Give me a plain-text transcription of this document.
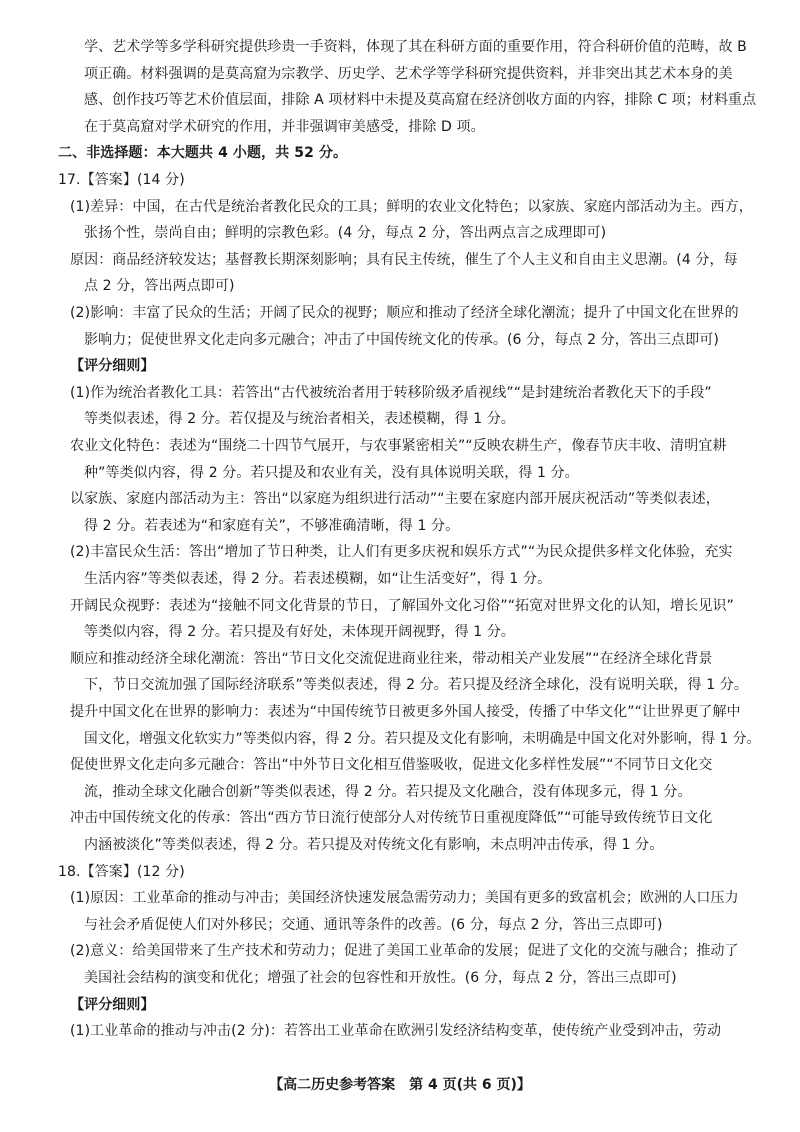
学、艺术学等多学科研究提供珍贵一手资料，体现了其在科研方面的重要作用，符合科研价值的范畴，故 B
项正确。材料强调的是莫高窟为宗教学、历史学、艺术学等学科研究提供资料，并非突出其艺术本身的美
感、创作技巧等艺术价值层面，排除 A 项材料中未提及莫高窟在经济创收方面的内容，排除 C 项；材料重点
在于莫高窟对学术研究的作用，并非强调审美感受，排除 D 项。
二、非选择题：本大题共 4 小题，共 52 分。
17.【答案】(14 分)
(1)差异：中国，在古代是统治者教化民众的工具；鲜明的农业文化特色；以家族、家庭内部活动为主。西方，
张扬个性，崇尚自由；鲜明的宗教色彩。(4 分，每点 2 分，答出两点言之成理即可)
原因：商品经济较发达；基督教长期深刻影响；具有民主传统，催生了个人主义和自由主义思潮。(4 分，每
点 2 分，答出两点即可)
(2)影响：丰富了民众的生活；开阔了民众的视野；顺应和推动了经济全球化潮流；提升了中国文化在世界的
影响力；促使世界文化走向多元融合；冲击了中国传统文化的传承。(6 分，每点 2 分，答出三点即可)
【评分细则】
(1)作为统治者教化工具：若答出“古代被统治者用于转移阶级矛盾视线”“是封建统治者教化天下的手段”
等类似表述，得 2 分。若仅提及与统治者相关，表述模糊，得 1 分。
农业文化特色：表述为“围绕二十四节气展开，与农事紧密相关”“反映农耕生产，像春节庆丰收、清明宜耕
种”等类似内容，得 2 分。若只提及和农业有关，没有具体说明关联，得 1 分。
以家族、家庭内部活动为主：答出“以家庭为组织进行活动”“主要在家庭内部开展庆祝活动”等类似表述，
得 2 分。若表述为“和家庭有关”，不够准确清晰，得 1 分。
(2)丰富民众生活：答出“增加了节日种类，让人们有更多庆祝和娱乐方式”“为民众提供多样文化体验，充实
生活内容”等类似表述，得 2 分。若表述模糊，如“让生活变好”，得 1 分。
开阔民众视野：表述为“接触不同文化背景的节日，了解国外文化习俗”“拓宽对世界文化的认知，增长见识”
等类似内容，得 2 分。若只提及有好处，未体现开阔视野，得 1 分。
顺应和推动经济全球化潮流：答出“节日文化交流促进商业往来，带动相关产业发展”“在经济全球化背景
下，节日交流加强了国际经济联系”等类似表述，得 2 分。若只提及经济全球化，没有说明关联，得 1 分。
提升中国文化在世界的影响力：表述为“中国传统节日被更多外国人接受，传播了中华文化”“让世界更了解中
国文化，增强文化软实力”等类似内容，得 2 分。若只提及文化有影响，未明确是中国文化对外影响，得 1 分。
促使世界文化走向多元融合：答出“中外节日文化相互借鉴吸收，促进文化多样性发展”“不同节日文化交
流，推动全球文化融合创新”等类似表述，得 2 分。若只提及文化融合，没有体现多元，得 1 分。
冲击中国传统文化的传承：答出“西方节日流行使部分人对传统节日重视度降低”“可能导致传统节日文化
内涵被淡化”等类似表述，得 2 分。若只提及对传统文化有影响，未点明冲击传承，得 1 分。
18.【答案】(12 分)
(1)原因：工业革命的推动与冲击；美国经济快速发展急需劳动力；美国有更多的致富机会；欧洲的人口压力
与社会矛盾促使人们对外移民；交通、通讯等条件的改善。(6 分，每点 2 分，答出三点即可)
(2)意义：给美国带来了生产技术和劳动力；促进了美国工业革命的发展；促进了文化的交流与融合；推动了
美国社会结构的演变和优化；增强了社会的包容性和开放性。(6 分，每点 2 分，答出三点即可)
【评分细则】
(1)工业革命的推动与冲击(2 分)：若答出工业革命在欧洲引发经济结构变革，使传统产业受到冲击，劳动
【高二历史参考答案　第 4 页(共 6 页)】
